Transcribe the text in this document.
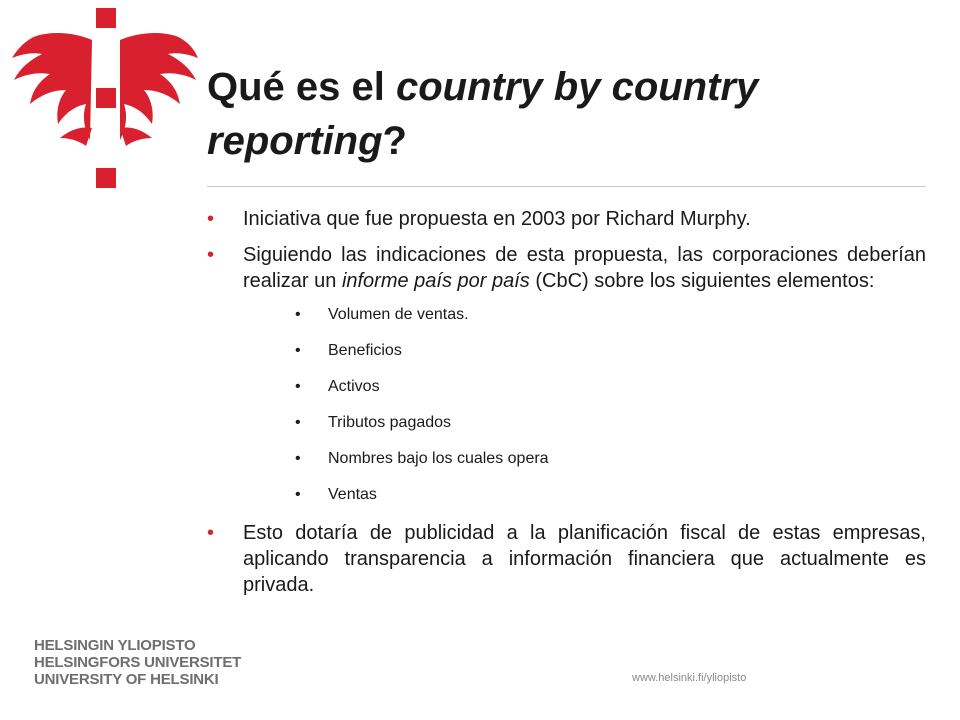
Qué es el country by country reporting?
• Iniciativa que fue propuesta en 2003 por Richard Murphy.
• Siguiendo las indicaciones de esta propuesta, las corporaciones deberían realizar un informe país por país (CbC) sobre los siguientes elementos:
• Volumen de ventas.
• Beneficios
• Activos
• Tributos pagados
• Nombres bajo los cuales opera
• Ventas
• Esto dotaría de publicidad a la planificación fiscal de estas empresas, aplicando transparencia a información financiera que actualmente es privada.
HELSINGIN YLIOPISTO
HELSINGFORS UNIVERSITET
UNIVERSITY OF HELSINKI	www.helsinki.fi/yliopisto
